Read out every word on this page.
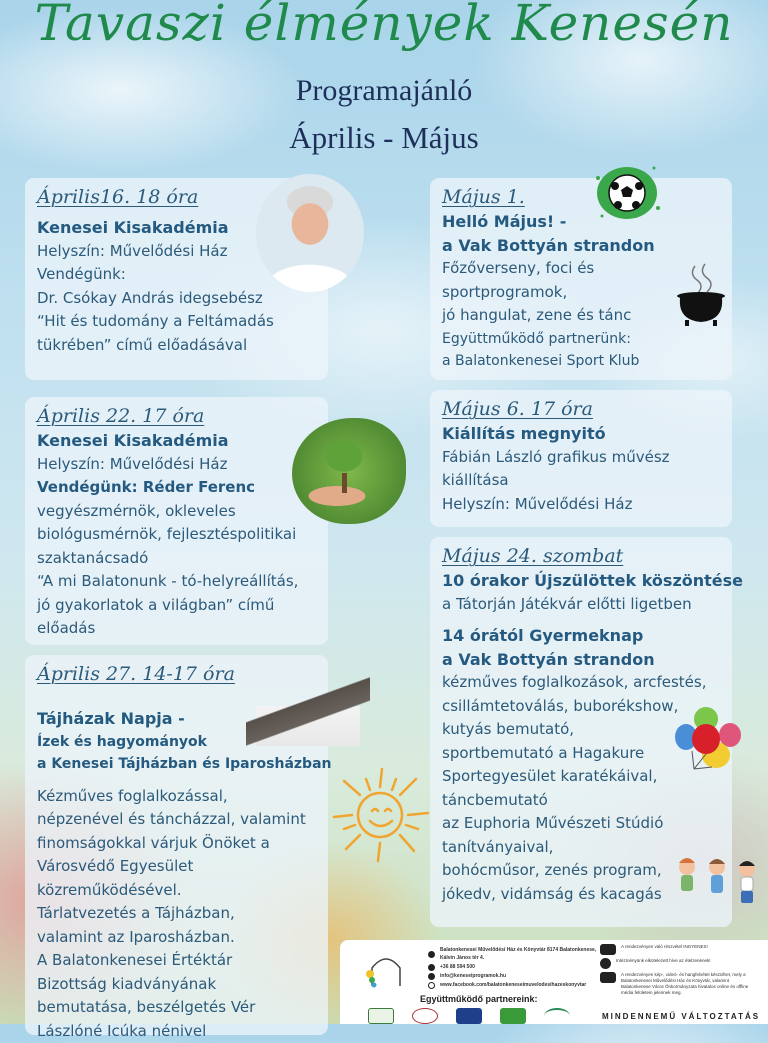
Tavaszi élmények Kenesén
Programajánló
Április - Május
Április16. 18 óra
Kenesei Kisakadémia
Helyszín: Művelődési Ház
Vendégünk:
Dr. Csókay András idegsebész
“Hit és tudomány a Feltámadás
tükrében” című előadásával
Április 22. 17 óra
Kenesei Kisakadémia
Helyszín: Művelődési Ház
Vendégünk: Réder Ferenc
vegyészmérnök, okleveles
biológusmérnök, fejlesztéspolitikai
szaktanácsadó
“A mi Balatonunk - tó-helyreállítás,
jó gyakorlatok a világban” című
előadás
Április 27. 14-17 óra
Tájházak Napja -
Ízek és hagyományok
a Kenesei Tájházban és Iparosházban
Kézműves foglalkozással,
népzenével és táncházzal, valamint
finomságokkal várjuk Önöket a
Városvédő Egyesület
közreműködésével.
Tárlatvezetés a Tájházban,
valamint az Iparosházban.
A Balatonkenesei Értéktár
Bizottság kiadványának
bemutatása, beszélgetés Vér
Lászlóné Icúka nénivel
Május 1.
Helló Május! -
a Vak Bottyán strandon
Főzőverseny, foci és
sportprogramok,
jó hangulat, zene és tánc
Együttműködő partnerünk:
a Balatonkenesei Sport Klub
Május 6. 17 óra
Kiállítás megnyitó
Fábián László grafikus művész
kiállítása
Helyszín: Művelődési Ház
Május 24. szombat
10 órakor Újszülöttek köszöntése
a Tátorján Játékvár előtti ligetben
14 órától Gyermeknap
a Vak Bottyán strandon
kézműves foglalkozások, arcfestés,
csillámtetoválás, buborékshow,
kutyás bemutató,
sportbemutató a Hagakure
Sportegyesület karatékáival,
táncbemutató
az Euphoria Művészeti Stúdió
tanítványaival,
bohócműsor, zenés program,
jókedv, vidámság és kacagás
Balatonkenesei Művelődési Ház és Könyvtár 8174 Balatonkenese, Kálvin János tér 4.
+36 88 594 500
info@keneseiprogramok.hu
www.facebook.com/balatonkeneseimuvelodesihazeskonyvtar
Együttműködő partnereink:
A rendezvényen való részvétel INGYENES!
Intézményünk elkötelezett híve az ételzenének!
A rendezvényen kép-, videó- és hangfelvétel készülhet, mely a Balatonkenesei Művelődési Ház és Könyvtár, valamint Balatonkenese Város Önkormányzata hivatalos online és offline média felületein jelennek meg.
MINDENNEMŰ VÁLTOZTATÁS
